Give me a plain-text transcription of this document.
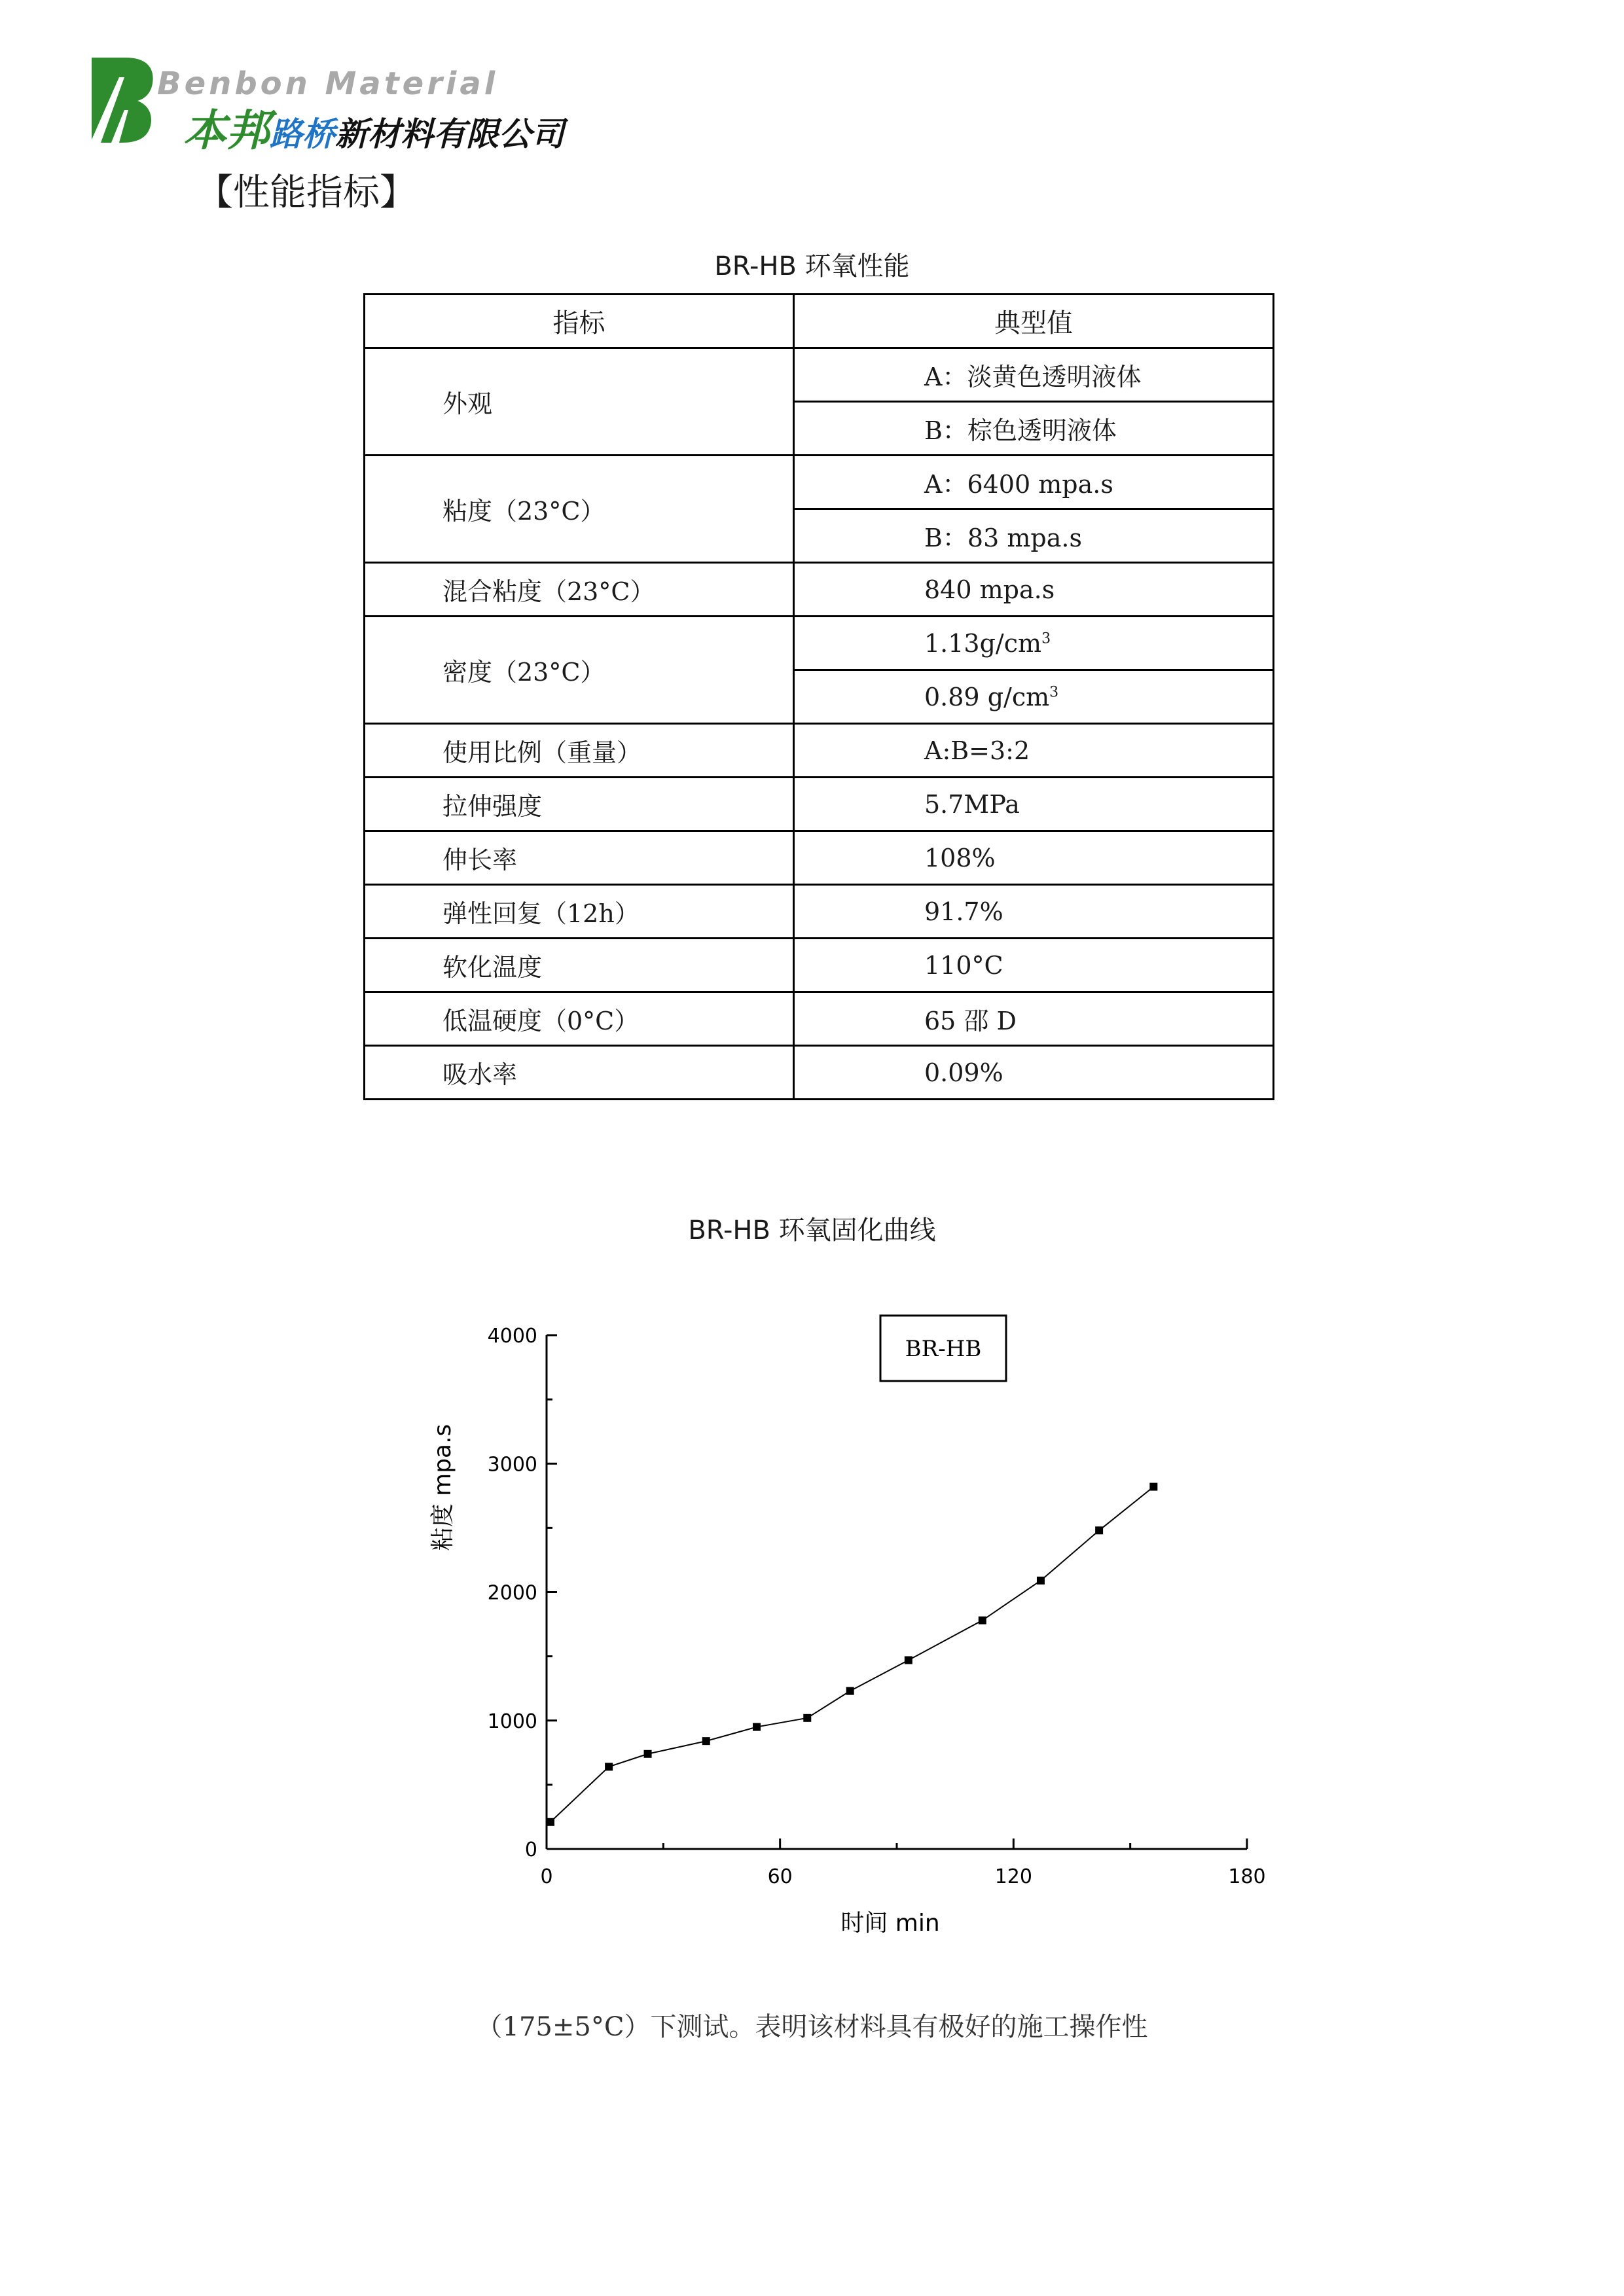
Benbon Material
本邦路桥新材料有限公司
【性能指标】
BR-HB 环氧性能
指标	典型值
外观	A：淡黄色透明液体
	B：棕色透明液体
粘度（23°C）	A：6400 mpa.s
	B：83 mpa.s
混合粘度（23°C）	840 mpa.s
密度（23°C）	$1.13g/cm^3$
	0.89 $g/cm^3$
使用比例（重量）	A:B=3:2
拉伸强度	5.7MPa
伸长率	108%
弹性回复（12h）	91.7%
软化温度	110°C
低温硬度（0°C）	65 邵 D
吸水率	0.09%
BR-HB 环氧固化曲线
0	60	120	180
0
1000
2000
3000
4000	BR-HB
时间 min
粘度 mpa.s
（175±5°C）下测试。表明该材料具有极好的施工操作性
